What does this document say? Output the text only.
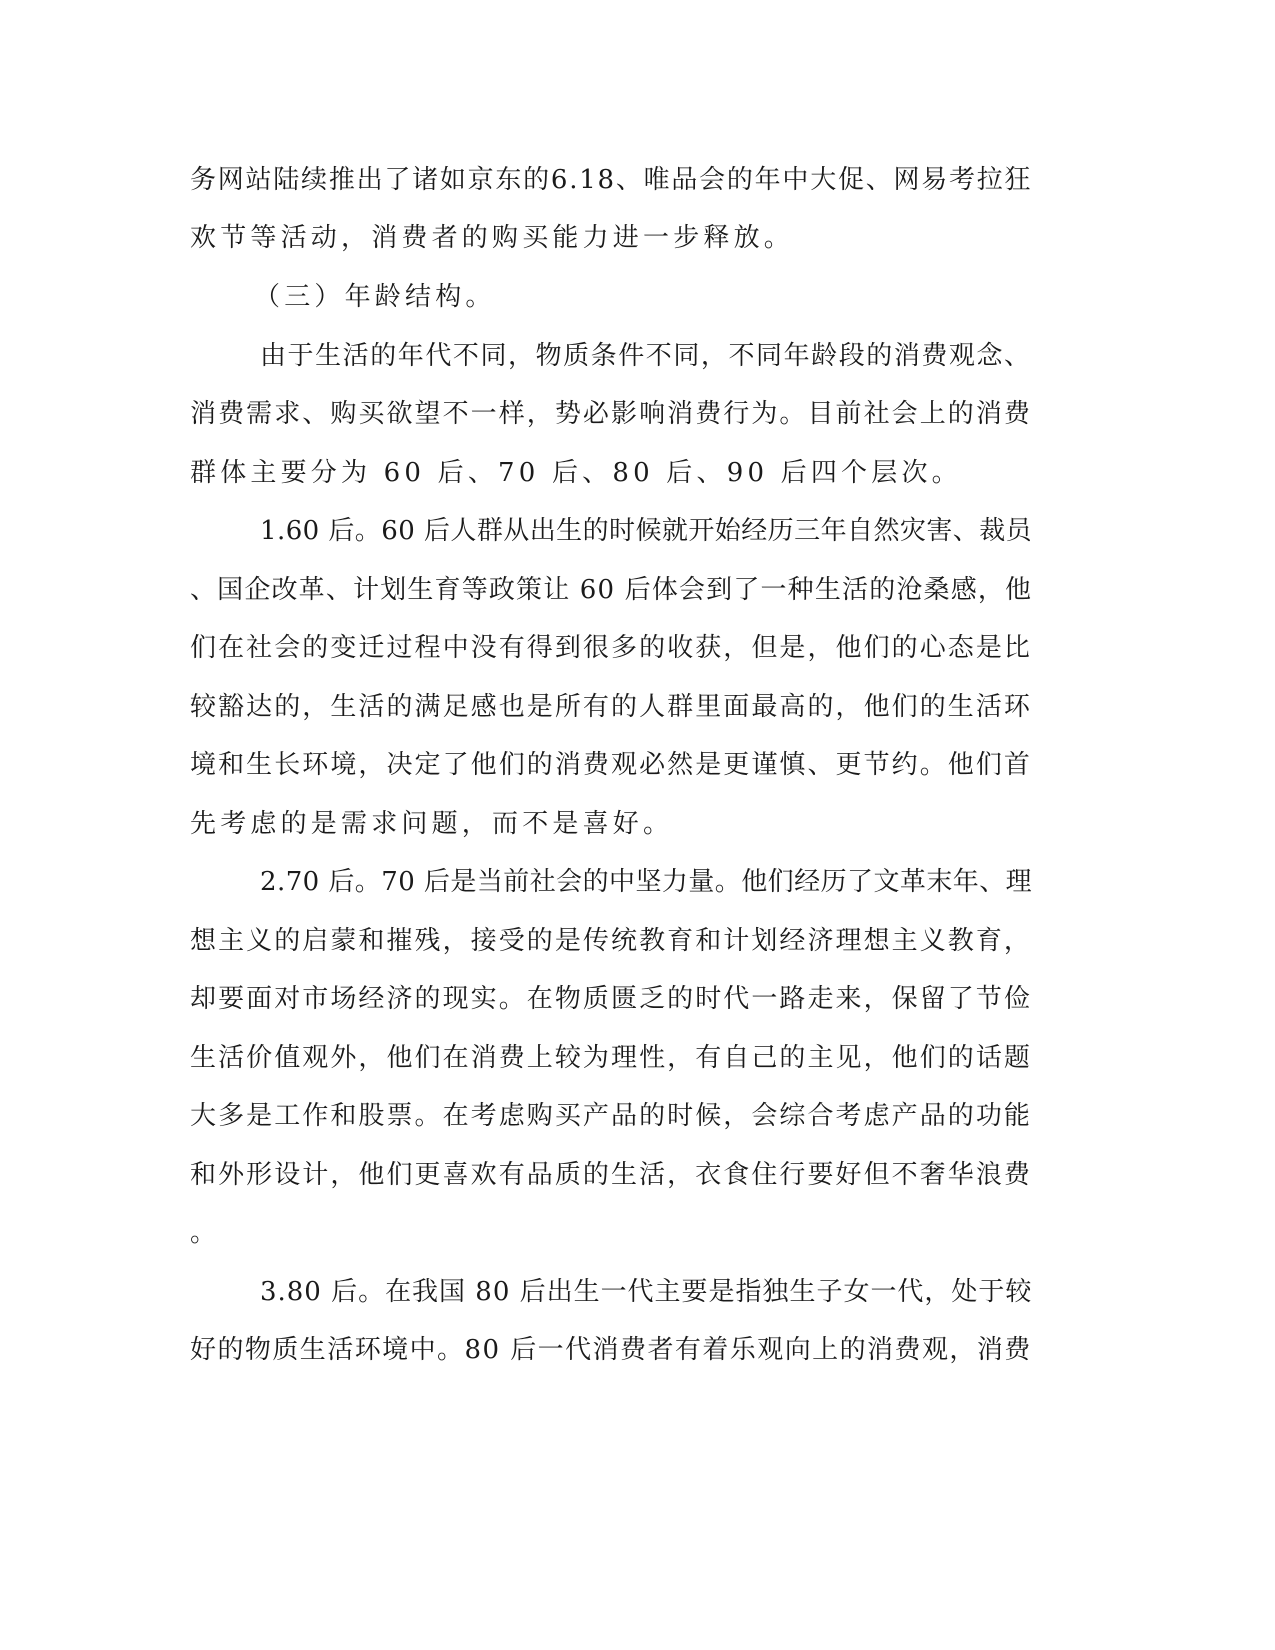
务网站陆续推出了诸如京东的6.18、唯品会的年中大促、网易考拉狂
欢节等活动，消费者的购买能力进一步释放。
（三）年龄结构。
由于生活的年代不同，物质条件不同，不同年龄段的消费观念、
消费需求、购买欲望不一样，势必影响消费行为。目前社会上的消费
群体主要分为 60 后、70 后、80 后、90 后四个层次。
1.60 后。60 后人群从出生的时候就开始经历三年自然灾害、裁员
、国企改革、计划生育等政策让 60 后体会到了一种生活的沧桑感，他
们在社会的变迁过程中没有得到很多的收获，但是，他们的心态是比
较豁达的，生活的满足感也是所有的人群里面最高的，他们的生活环
境和生长环境，决定了他们的消费观必然是更谨慎、更节约。他们首
先考虑的是需求问题，而不是喜好。
2.70 后。70 后是当前社会的中坚力量。他们经历了文革末年、理
想主义的启蒙和摧残，接受的是传统教育和计划经济理想主义教育，
却要面对市场经济的现实。在物质匮乏的时代一路走来，保留了节俭
生活价值观外，他们在消费上较为理性，有自己的主见，他们的话题
大多是工作和股票。在考虑购买产品的时候，会综合考虑产品的功能
和外形设计，他们更喜欢有品质的生活，衣食住行要好但不奢华浪费
。
3.80 后。在我国 80 后出生一代主要是指独生子女一代，处于较
好的物质生活环境中。80 后一代消费者有着乐观向上的消费观，消费
